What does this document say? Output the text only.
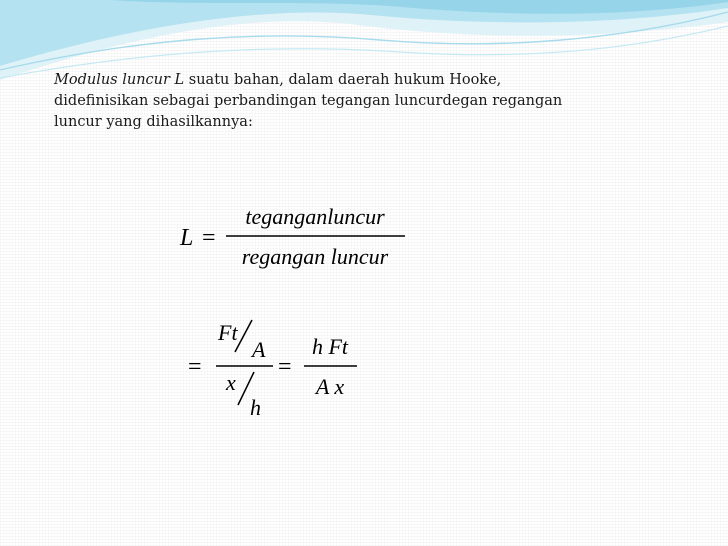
Modulus luncur L suatu bahan, dalam daerah hukum Hooke,
didefinisikan sebagai perbandingan tegangan luncurdegan regangan
luncur yang dihasilkannya:
L =
teganganluncur
regangan luncur
=
Ft
A
x
h
=
h Ft
A x
